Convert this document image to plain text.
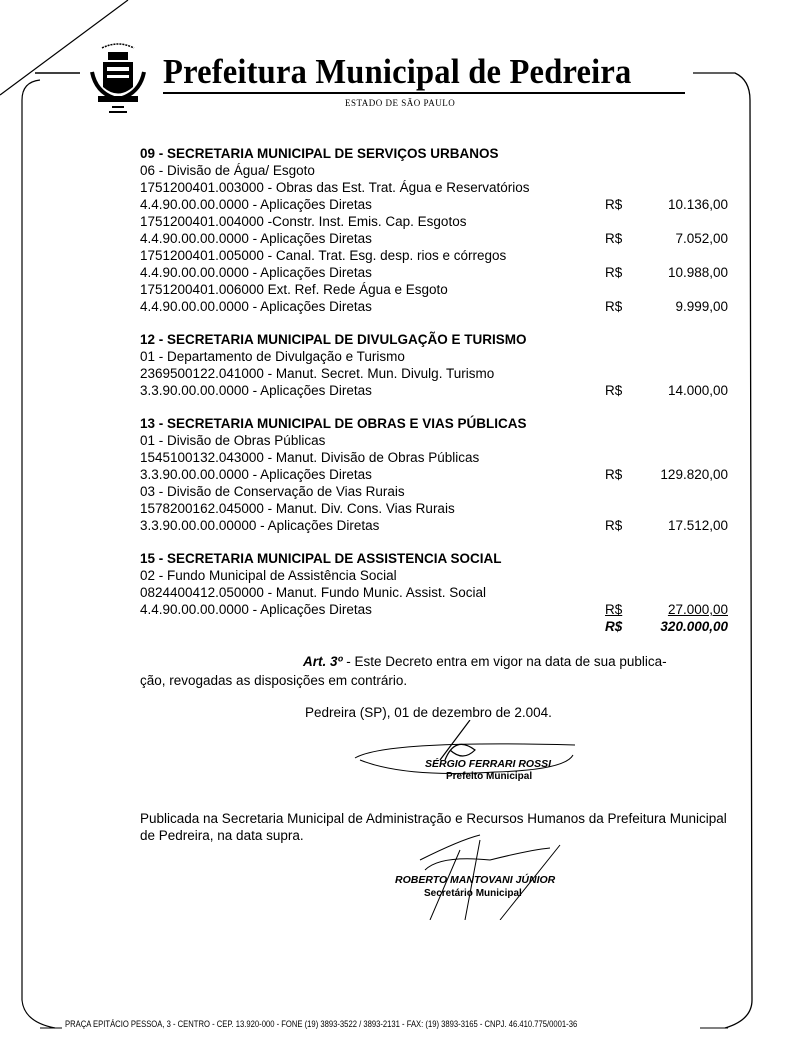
Prefeitura Municipal de Pedreira
ESTADO DE SÃO PAULO
09 - SECRETARIA MUNICIPAL DE SERVIÇOS URBANOS
06 - Divisão de Água/ Esgoto
1751200401.003000 - Obras das Est. Trat. Água e Reservatórios
4.4.90.00.00.0000 - Aplicações Diretas	R$	10.136,00
1751200401.004000 -Constr. Inst. Emis. Cap. Esgotos
4.4.90.00.00.0000 - Aplicações Diretas	R$	7.052,00
1751200401.005000 - Canal. Trat. Esg. desp. rios e córregos
4.4.90.00.00.0000 - Aplicações Diretas	R$	10.988,00
1751200401.006000 Ext. Ref. Rede Água e Esgoto
4.4.90.00.00.0000 - Aplicações Diretas	R$	9.999,00
12 - SECRETARIA MUNICIPAL DE DIVULGAÇÃO E TURISMO
01 - Departamento de Divulgação e Turismo
2369500122.041000 - Manut. Secret. Mun. Divulg. Turismo
3.3.90.00.00.0000 - Aplicações Diretas	R$	14.000,00
13 - SECRETARIA MUNICIPAL DE OBRAS E VIAS PÚBLICAS
01 - Divisão de Obras Públicas
1545100132.043000 - Manut. Divisão de Obras Públicas
3.3.90.00.00.0000 - Aplicações Diretas	R$	129.820,00
03 - Divisão de Conservação de Vias Rurais
1578200162.045000 - Manut. Div. Cons. Vias Rurais
3.3.90.00.00.00000 - Aplicações Diretas	R$	17.512,00
15 - SECRETARIA MUNICIPAL DE ASSISTENCIA SOCIAL
02 - Fundo Municipal de Assistência Social
0824400412.050000 - Manut. Fundo Munic. Assist. Social
4.4.90.00.00.0000 - Aplicações Diretas	R$	27.000,00
R$	320.000,00
Art. 3º - Este Decreto entra em vigor na data de sua publica-
ção, revogadas as disposições em contrário.
Pedreira (SP), 01 de dezembro de 2.004.
SÉRGIO FERRARI ROSSI
Prefeito Municipal
Publicada na Secretaria Municipal de Administração e Recursos Humanos da Prefeitura Municipal de Pedreira, na data supra.
ROBERTO MANTOVANI JÚNIOR
Secretário Municipal
PRAÇA EPITÁCIO PESSOA, 3 - CENTRO - CEP. 13.920-000 - FONE (19) 3893-3522 / 3893-2131 - FAX: (19) 3893-3165 - CNPJ. 46.410.775/0001-36
